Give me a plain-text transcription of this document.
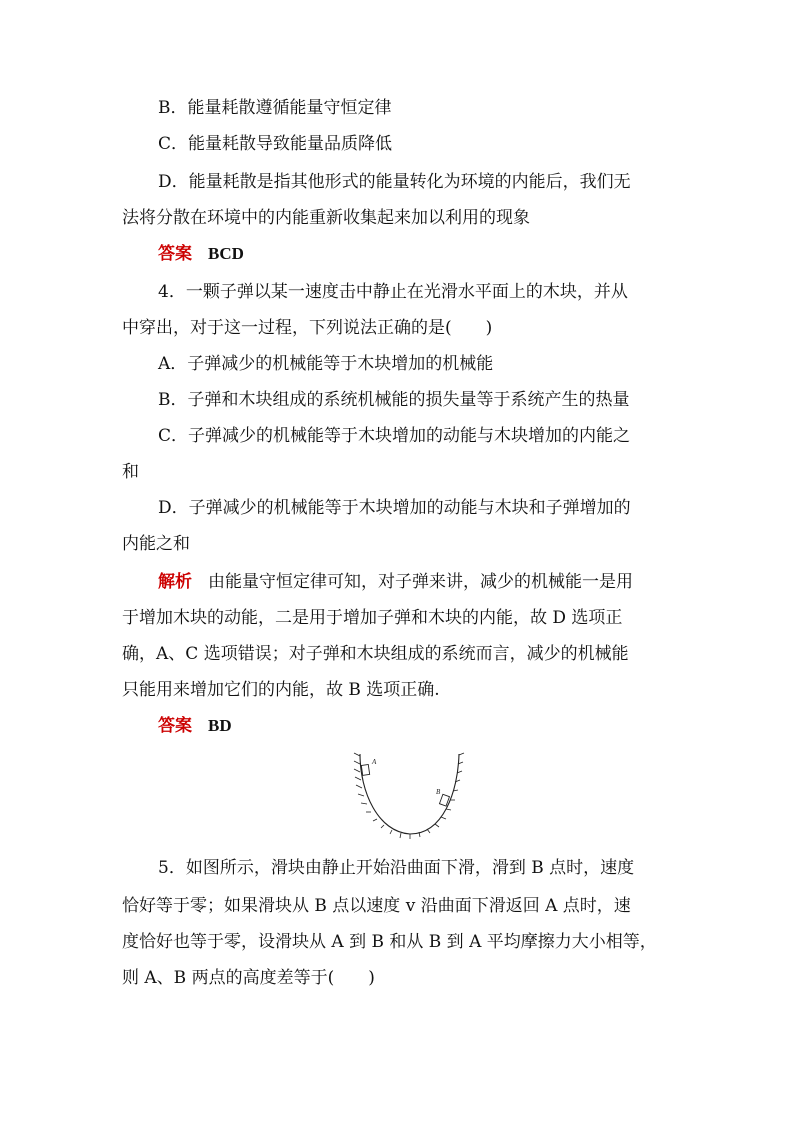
B．能量耗散遵循能量守恒定律
C．能量耗散导致能量品质降低
D．能量耗散是指其他形式的能量转化为环境的内能后，我们无
法将分散在环境中的内能重新收集起来加以利用的现象
答案 BCD
4．一颗子弹以某一速度击中静止在光滑水平面上的木块，并从
中穿出，对于这一过程，下列说法正确的是(　　)
A．子弹减少的机械能等于木块增加的机械能
B．子弹和木块组成的系统机械能的损失量等于系统产生的热量
C．子弹减少的机械能等于木块增加的动能与木块增加的内能之
和
D．子弹减少的机械能等于木块增加的动能与木块和子弹增加的
内能之和
解析 由能量守恒定律可知，对子弹来讲，减少的机械能一是用
于增加木块的动能，二是用于增加子弹和木块的内能，故 D 选项正
确，A、C 选项错误；对子弹和木块组成的系统而言，减少的机械能
只能用来增加它们的内能，故 B 选项正确.
答案 BD
A
B
5．如图所示，滑块由静止开始沿曲面下滑，滑到 B 点时，速度
恰好等于零；如果滑块从 B 点以速度 v 沿曲面下滑返回 A 点时，速
度恰好也等于零，设滑块从 A 到 B 和从 B 到 A 平均摩擦力大小相等，
则 A、B 两点的高度差等于(　　)
